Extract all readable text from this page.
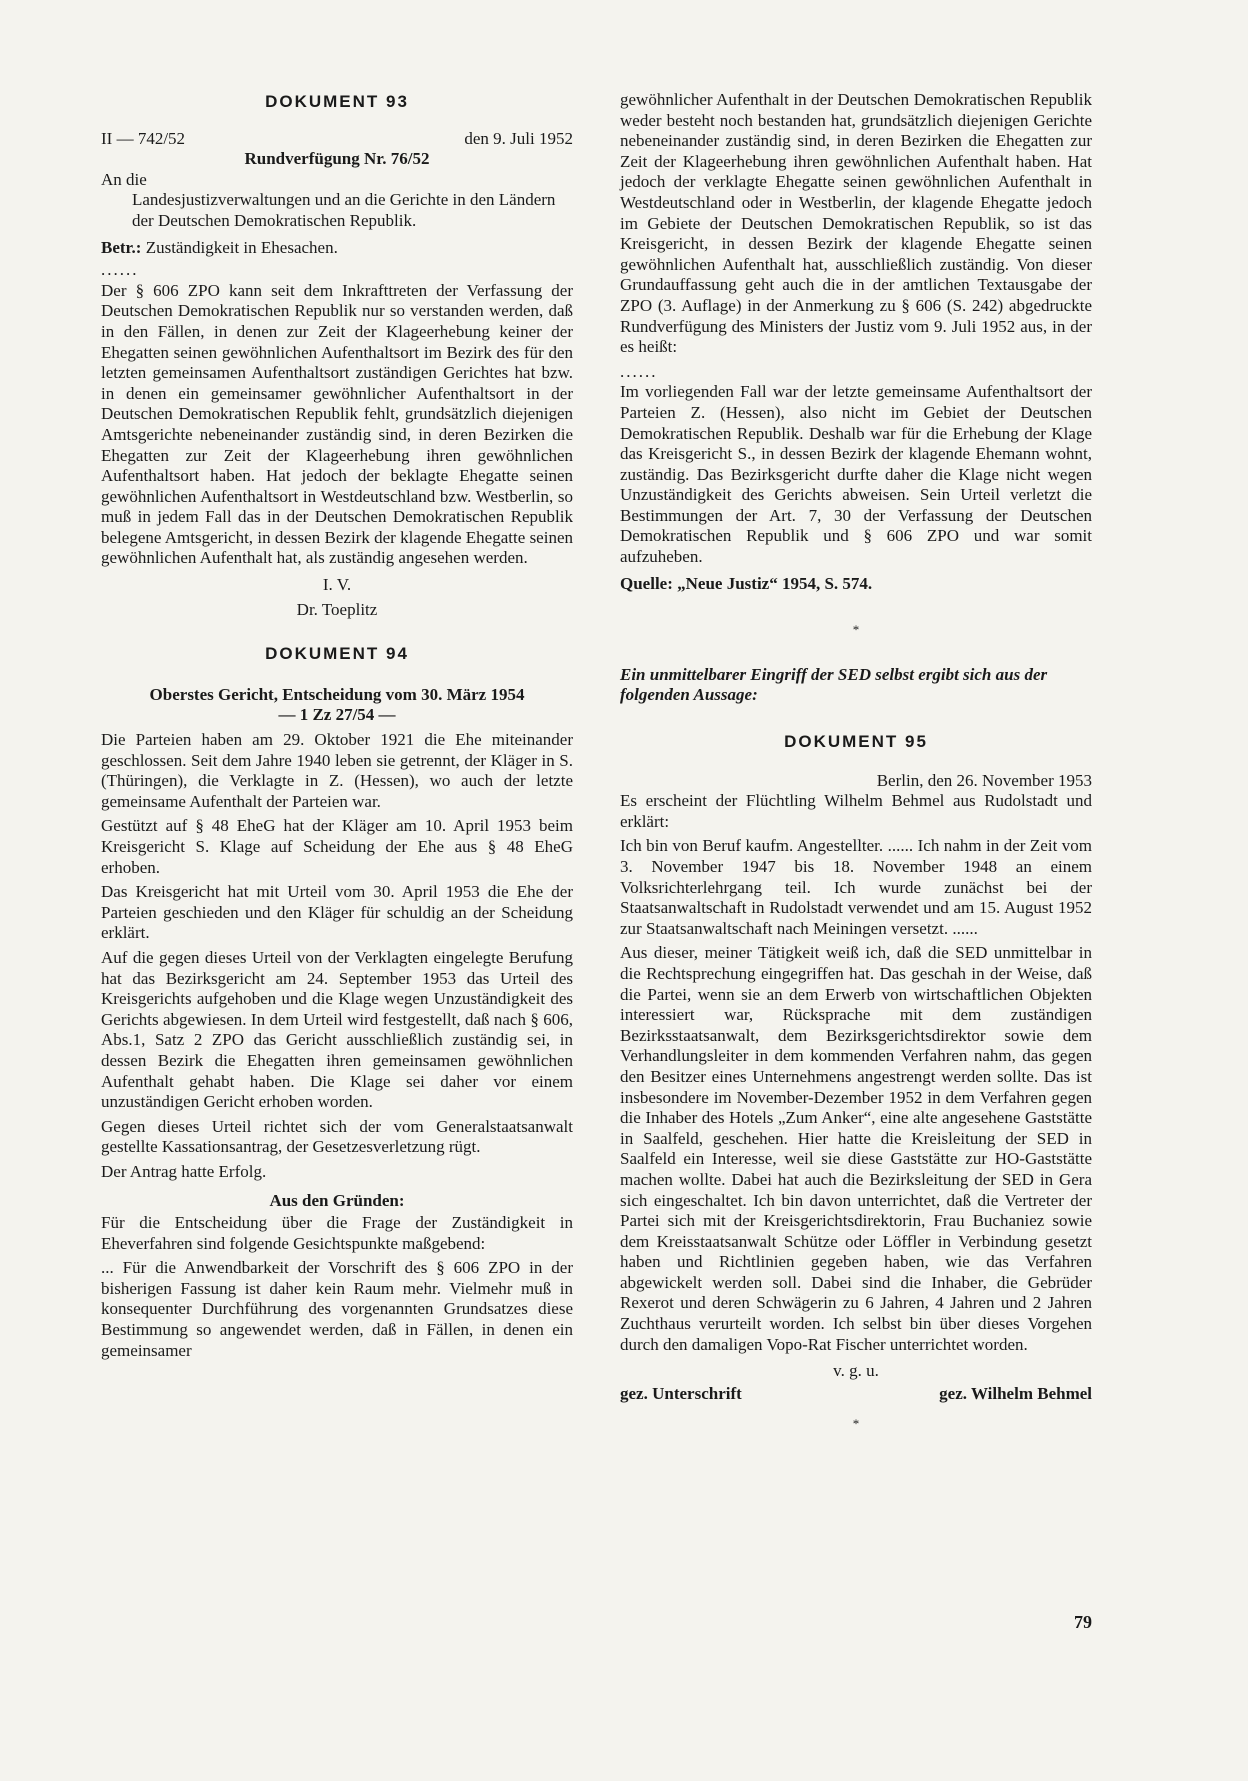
DOKUMENT 93
II — 742/52	den 9. Juli 1952
Rundverfügung Nr. 76/52
An die
Landesjustizverwaltungen und an die Gerichte in den Ländern der Deutschen Demokratischen Republik.
Betr.: Zuständigkeit in Ehesachen.
......

Der § 606 ZPO kann seit dem Inkrafttreten der Verfassung der Deutschen Demokratischen Republik nur so verstanden werden, daß in den Fällen, in denen zur Zeit der Klageerhebung keiner der Ehegatten seinen gewöhnlichen Aufenthaltsort im Bezirk des für den letzten gemeinsamen Aufenthaltsort zuständigen Gerichtes hat bzw. in denen ein gemeinsamer gewöhnlicher Aufenthaltsort in der Deutschen Demokratischen Republik fehlt, grundsätzlich diejenigen Amtsgerichte nebeneinander zuständig sind, in deren Bezirken die Ehegatten zur Zeit der Klageerhebung ihren gewöhnlichen Aufenthaltsort haben. Hat jedoch der beklagte Ehegatte seinen gewöhnlichen Aufenthaltsort in Westdeutschland bzw. Westberlin, so muß in jedem Fall das in der Deutschen Demokratischen Republik belegene Amtsgericht, in dessen Bezirk der klagende Ehegatte seinen gewöhnlichen Aufenthalt hat, als zuständig angesehen werden.

I. V.
Dr. Toeplitz
DOKUMENT 94
Oberstes Gericht, Entscheidung vom 30. März 1954
— 1 Zz 27/54 —

Die Parteien haben am 29. Oktober 1921 die Ehe miteinander geschlossen. Seit dem Jahre 1940 leben sie getrennt, der Kläger in S. (Thüringen), die Verklagte in Z. (Hessen), wo auch der letzte gemeinsame Aufenthalt der Parteien war.

Gestützt auf § 48 EheG hat der Kläger am 10. April 1953 beim Kreisgericht S. Klage auf Scheidung der Ehe aus § 48 EheG erhoben.

Das Kreisgericht hat mit Urteil vom 30. April 1953 die Ehe der Parteien geschieden und den Kläger für schuldig an der Scheidung erklärt.

Auf die gegen dieses Urteil von der Verklagten eingelegte Berufung hat das Bezirksgericht am 24. September 1953 das Urteil des Kreisgerichts aufgehoben und die Klage wegen Unzuständigkeit des Gerichts abgewiesen. In dem Urteil wird festgestellt, daß nach § 606, Abs.1, Satz 2 ZPO das Gericht ausschließlich zuständig sei, in dessen Bezirk die Ehegatten ihren gemeinsamen gewöhnlichen Aufenthalt gehabt haben. Die Klage sei daher vor einem unzuständigen Gericht erhoben worden.

Gegen dieses Urteil richtet sich der vom Generalstaatsanwalt gestellte Kassationsantrag, der Gesetzesverletzung rügt.

Der Antrag hatte Erfolg.

Aus den Gründen:

Für die Entscheidung über die Frage der Zuständigkeit in Eheverfahren sind folgende Gesichtspunkte maßgebend:

... Für die Anwendbarkeit der Vorschrift des § 606 ZPO in der bisherigen Fassung ist daher kein Raum mehr. Vielmehr muß in konsequenter Durchführung des vorgenannten Grundsatzes diese Bestimmung so angewendet werden, daß in Fällen, in denen ein gemeinsamer

gewöhnlicher Aufenthalt in der Deutschen Demokratischen Republik weder besteht noch bestanden hat, grundsätzlich diejenigen Gerichte nebeneinander zuständig sind, in deren Bezirken die Ehegatten zur Zeit der Klageerhebung ihren gewöhnlichen Aufenthalt haben. Hat jedoch der verklagte Ehegatte seinen gewöhnlichen Aufenthalt in Westdeutschland oder in Westberlin, der klagende Ehegatte jedoch im Gebiete der Deutschen Demokratischen Republik, so ist das Kreisgericht, in dessen Bezirk der klagende Ehegatte seinen gewöhnlichen Aufenthalt hat, ausschließlich zuständig. Von dieser Grundauffassung geht auch die in der amtlichen Textausgabe der ZPO (3. Auflage) in der Anmerkung zu § 606 (S. 242) abgedruckte Rundverfügung des Ministers der Justiz vom 9. Juli 1952 aus, in der es heißt:

......

Im vorliegenden Fall war der letzte gemeinsame Aufenthaltsort der Parteien Z. (Hessen), also nicht im Gebiet der Deutschen Demokratischen Republik. Deshalb war für die Erhebung der Klage das Kreisgericht S., in dessen Bezirk der klagende Ehemann wohnt, zuständig. Das Bezirksgericht durfte daher die Klage nicht wegen Unzuständigkeit des Gerichts abweisen. Sein Urteil verletzt die Bestimmungen der Art. 7, 30 der Verfassung der Deutschen Demokratischen Republik und § 606 ZPO und war somit aufzuheben.

Quelle: „Neue Justiz“ 1954, S. 574.
*
Ein unmittelbarer Eingriff der SED selbst ergibt sich aus der folgenden Aussage:
DOKUMENT 95
Berlin, den 26. November 1953

Es erscheint der Flüchtling Wilhelm Behmel aus Rudolstadt und erklärt:

Ich bin von Beruf kaufm. Angestellter. ...... Ich nahm in der Zeit vom 3. November 1947 bis 18. November 1948 an einem Volksrichterlehrgang teil. Ich wurde zunächst bei der Staatsanwaltschaft in Rudolstadt verwendet und am 15. August 1952 zur Staatsanwaltschaft nach Meiningen versetzt. ......

Aus dieser, meiner Tätigkeit weiß ich, daß die SED unmittelbar in die Rechtsprechung eingegriffen hat. Das geschah in der Weise, daß die Partei, wenn sie an dem Erwerb von wirtschaftlichen Objekten interessiert war, Rücksprache mit dem zuständigen Bezirksstaatsanwalt, dem Bezirksgerichtsdirektor sowie dem Verhandlungsleiter in dem kommenden Verfahren nahm, das gegen den Besitzer eines Unternehmens angestrengt werden sollte. Das ist insbesondere im November-Dezember 1952 in dem Verfahren gegen die Inhaber des Hotels „Zum Anker“, eine alte angesehene Gaststätte in Saalfeld, geschehen. Hier hatte die Kreisleitung der SED in Saalfeld ein Interesse, weil sie diese Gaststätte zur HO-Gaststätte machen wollte. Dabei hat auch die Bezirksleitung der SED in Gera sich eingeschaltet. Ich bin davon unterrichtet, daß die Vertreter der Partei sich mit der Kreisgerichtsdirektorin, Frau Buchaniez sowie dem Kreisstaatsanwalt Schütze oder Löffler in Verbindung gesetzt haben und Richtlinien gegeben haben, wie das Verfahren abgewickelt werden soll. Dabei sind die Inhaber, die Gebrüder Rexerot und deren Schwägerin zu 6 Jahren, 4 Jahren und 2 Jahren Zuchthaus verurteilt worden. Ich selbst bin über dieses Vorgehen durch den damaligen Vopo-Rat Fischer unterrichtet worden.

v. g. u.
gez. Unterschrift	gez. Wilhelm Behmel
*
79
